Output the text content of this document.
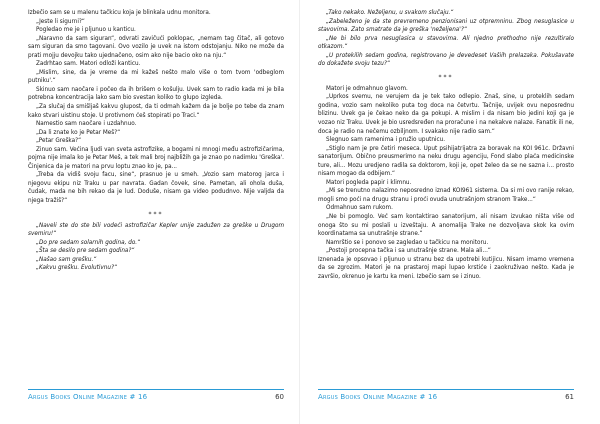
Izbečio sam se u malenu tačkicu koja je blinkala udnu monitora.

„Jeste li sigurni?“

Pogledao me je i pljunuo u kanticu.

„Naravno da sam siguran“, odvrati zavičući poklopac, „nemam tag čitač, ali gotovo sam siguran da smo tagovani. Ovo vozilo je uvek na istom odstojanju. Niko ne može da prati mojju devojku tako ujednačeno, osim ako nije bacio oko na nju.“

Zadrhtao sam. Matori odloži kanticu.

„Mislim, sine, da je vreme da mi kažeš nešto malo više o tom tvom 'odbeglom putniku'.“

Skinuo sam naočare i počeo da ih brišem o košulju. Uvek sam to radio kada mi je bila potrebna koncentracija lako sam bio svestan koliko to glupo izgleda.

„Za slučaj da smišljaš kakvu glupost, da ti odmah kažem da je bolje po tebe da znam kako stvari uistinu stoje. U protivnom ćeš stopirati po Traci.“

Namestio sam naočare i uzdahnuo.

„Da li znate ko je Petar Meš?“

„Petar Greška?“

Zinuo sam. Većina ljudi van sveta astrofizike, a bogami ni mnogi među astrofizičarima, pojma nije imala ko je Petar Meš, a tek mali broj najbližih ga je znao po nadimku 'Greška'. Činjenica da je matori na prvu loptu znao ko je, pa...

„Treba da vidiš svoju facu, sine“, prasnuo je u smeh. „Vozio sam matorog jarca i njegovu ekipu niz Traku u par navrata. Gadan čovek, sine. Pametan, ali ohola duša, čudak, mada ne bih rekao da je lud. Doduše, nisam ga video podudnvo. Nije valjda da njega tražiš?“

***

„Naveli ste do ste bili vodeći astrofizičar Kepler unije zadužen za greške u Drugom svemiru!“

„Do pre sedam solarnih godina, do.“

„Šta se desilo pre sedam godina?“

„Našao sam grešku.“

„Kakvu grešku. Evolutivnu?“

Argus Books Online Magazine # 16	60

„Tako nekako. Neželjenu, u svakom slučaju.“

„Zabeleženo je da ste prevremeno penzionisani uz otpremninu. Zbog nesuglasice u stavovima. Zato smatrate da je greška 'neželjena'?“

„Ne bi bilo prva nesuglasica u stavovima. Ali njedno prethodno nije rezultiralo otkazom.“

„U protekilih sedam godina, registrovano je devedeset Vašiih prelazaka. Pokušavate do dokažete svoju tezu?“

***

Matori je odmahnuo glavom.

„Uprkos svemu, ne verujem da je tek tako odlepio. Znaš, sine, u proteklih sedam godina, vozio sam nekoliko puta tog doca na četvrtu. Tačnije, uvijek ovu neposrednu blizinu. Uvek ga je čekao neko da ga pokupi. A mislim i da nisam bio jedini koji ga je vozao niz Traku. Uvek je bio usredsređen na proračune i na nekakve nalaze. Fanatik ili ne, doca je radio na nečemu ozbiljnom. I svakako nije radio sam.“

Slegnuo sam ramenima i pružio uputnicu.

„Stiglo nam je pre četiri meseca. Uput psihijatrijatra za boravak na KOI 961c. Državni sanatorijum. Obično preusmerimo na neku drugu agenciju, Fond slabo plaća medicinske ture, ali... Mozu uredjeno radila sa doktorom, koji je, opet želeo da se ne sazna i... prosto nisam mogao da odbijem.“

Matori pogleda papir i klimnu.

„Mi se trenutno nalazimo neposredno iznad KOI961 sistema. Da si mi ovo ranije rekao, mogli smo poći na drugu stranu i proći ovuda unutrašnjom stranom Trake...“

Odmahnuo sam rukom.

„Ne bi pomoglo. Već sam kontaktirao sanatorijum, ali nisam izvukao ništa više od onoga što su mi poslali u izveštaju. A anomalija Trake ne dozvoljava skok ka ovim koordinatama sa unutrašnje strane.“

Namrštio se i ponovo se zagledao u tačkicu na monitoru.

„Postoji procepna tačka i sa unutrašnje strane. Mala ali...“

Iznenada je opsovao i pljunuo u stranu bez da upotrebi kutijicu. Nisam imamo vremena da se zgrozim. Matori je na prastaroj mapi lupao krstiće i zaokruživao nešto. Kada je završio, okrenuo je kartu ka meni. Izbečio sam se i zinuo.

Argus Books Online Magazine # 16	61
